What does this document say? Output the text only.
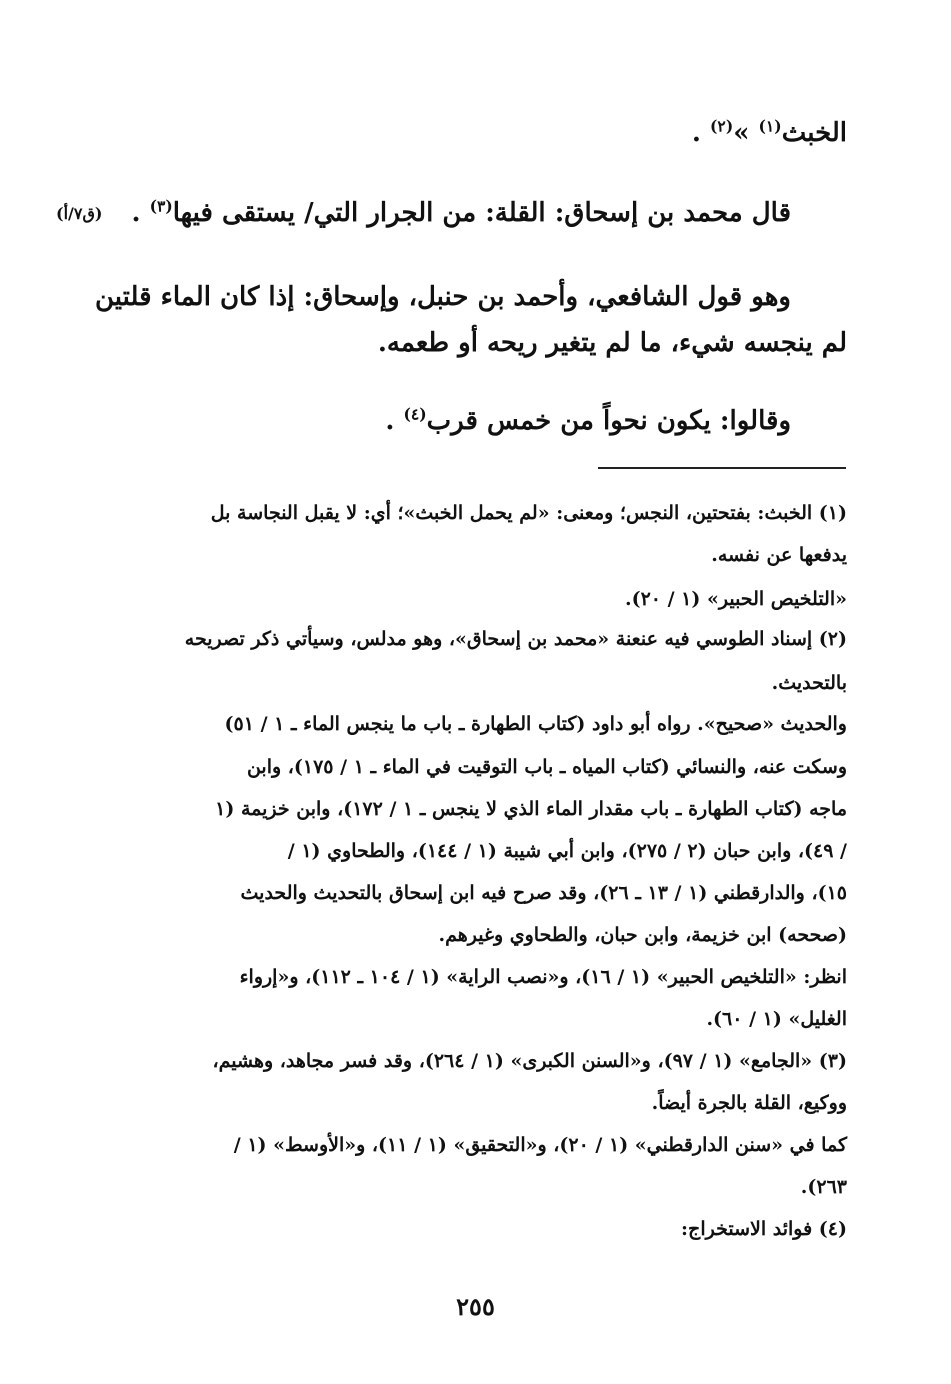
الخبث$^{(١)}$ »$^{(٢)}$ .
قال محمد بن إسحاق: القلة: من الجرار التي/ يستقى فيها$^{(٣)}$ .
(ق٧/أ)
وهو قول الشافعي، وأحمد بن حنبل، وإسحاق: إذا كان الماء قلتين
لم ينجسه شيء، ما لم يتغير ريحه أو طعمه.
وقالوا: يكون نحواً من خمس قرب$^{(٤)}$ .
(١) الخبث: بفتحتين، النجس؛ ومعنى: «لم يحمل الخبث»؛ أي: لا يقبل النجاسة بل
يدفعها عن نفسه.
«التلخيص الحبير» (١ / ٢٠).
(٢) إسناد الطوسي فيه عنعنة «محمد بن إسحاق»، وهو مدلس، وسيأتي ذكر تصريحه
بالتحديث.
والحديث «صحيح». رواه أبو داود (كتاب الطهارة ـ باب ما ينجس الماء ـ ١ / ٥١)
وسكت عنه، والنسائي (كتاب المياه ـ باب التوقيت في الماء ـ ١ / ١٧٥)، وابن
ماجه (كتاب الطهارة ـ باب مقدار الماء الذي لا ينجس ـ ١ / ١٧٢)، وابن خزيمة (١
/ ٤٩)، وابن حبان (٢ / ٢٧٥)، وابن أبي شيبة (١ / ١٤٤)، والطحاوي (١ /
١٥)، والدارقطني (١ / ١٣ ـ ٢٦)، وقد صرح فيه ابن إسحاق بالتحديث والحديث
(صححه) ابن خزيمة، وابن حبان، والطحاوي وغيرهم.
انظر: «التلخيص الحبير» (١ / ١٦)، و«نصب الراية» (١ / ١٠٤ ـ ١١٢)، و«إرواء
الغليل» (١ / ٦٠).
(٣) «الجامع» (١ / ٩٧)، و«السنن الكبرى» (١ / ٢٦٤)، وقد فسر مجاهد، وهشيم،
ووكيع، القلة بالجرة أيضاً.
كما في «سنن الدارقطني» (١ / ٢٠)، و«التحقيق» (١ / ١١)، و«الأوسط» (١ /
٢٦٣).
(٤) فوائد الاستخراج:
٢٥٥
